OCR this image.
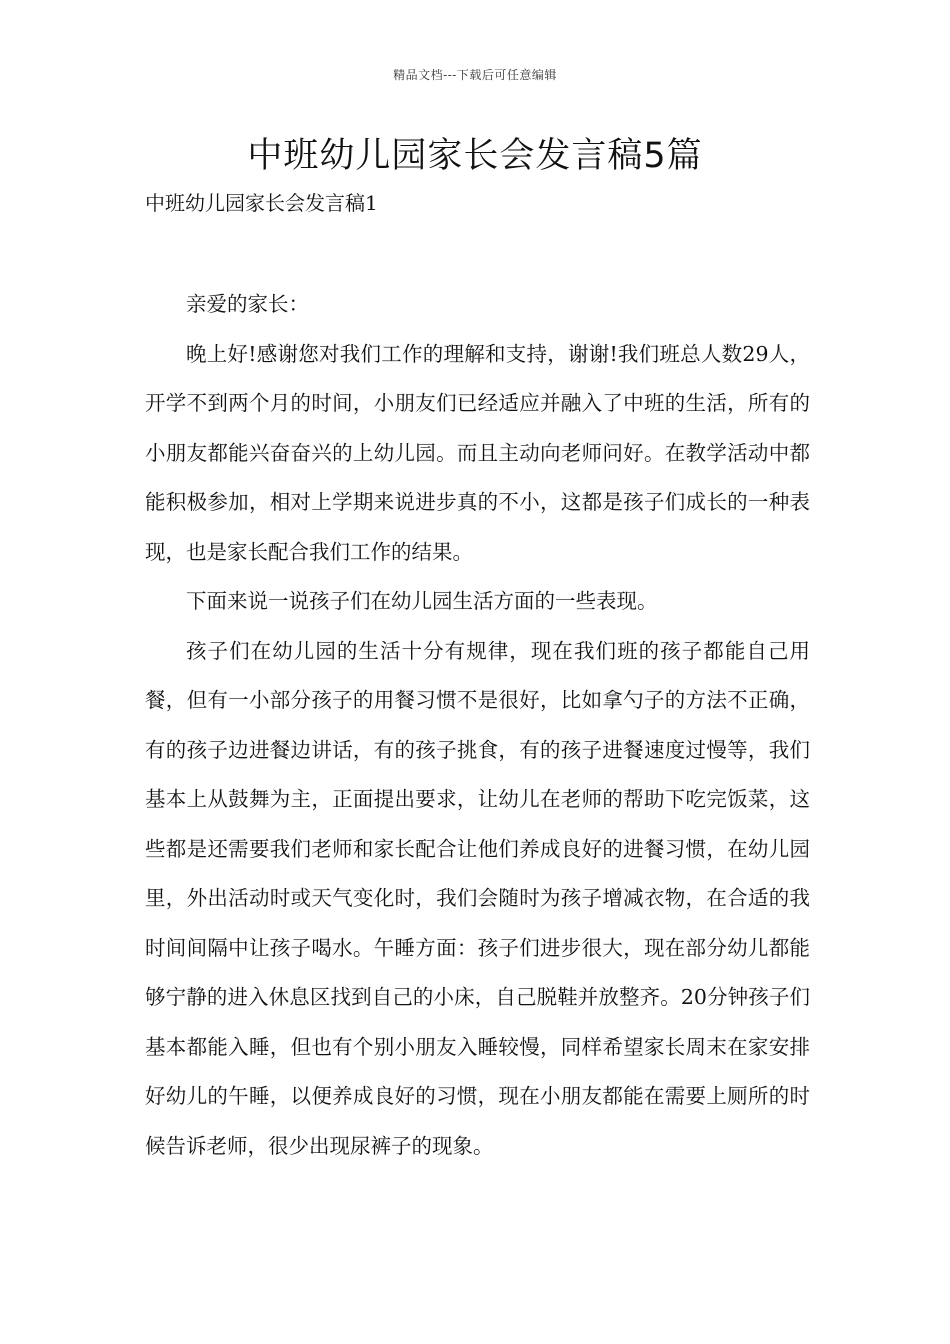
精品文档---下载后可任意编辑
中班幼儿园家长会发言稿5篇
中班幼儿园家长会发言稿1

亲爱的家长：

晚上好!感谢您对我们工作的理解和支持，谢谢!我们班总人数29人，开学不到两个月的时间，小朋友们已经适应并融入了中班的生活，所有的小朋友都能兴奋奋兴的上幼儿园。而且主动向老师问好。在教学活动中都能积极参加，相对上学期来说进步真的不小，这都是孩子们成长的一种表现，也是家长配合我们工作的结果。

下面来说一说孩子们在幼儿园生活方面的一些表现。

孩子们在幼儿园的生活十分有规律，现在我们班的孩子都能自己用餐，但有一小部分孩子的用餐习惯不是很好，比如拿勺子的方法不正确，有的孩子边进餐边讲话，有的孩子挑食，有的孩子进餐速度过慢等，我们基本上从鼓舞为主，正面提出要求，让幼儿在老师的帮助下吃完饭菜，这些都是还需要我们老师和家长配合让他们养成良好的进餐习惯，在幼儿园里，外出活动时或天气变化时，我们会随时为孩子增减衣物，在合适的我时间间隔中让孩子喝水。午睡方面：孩子们进步很大，现在部分幼儿都能够宁静的进入休息区找到自己的小床，自己脱鞋并放整齐。20分钟孩子们基本都能入睡，但也有个别小朋友入睡较慢，同样希望家长周末在家安排好幼儿的午睡，以便养成良好的习惯，现在小朋友都能在需要上厕所的时候告诉老师，很少出现尿裤子的现象。
